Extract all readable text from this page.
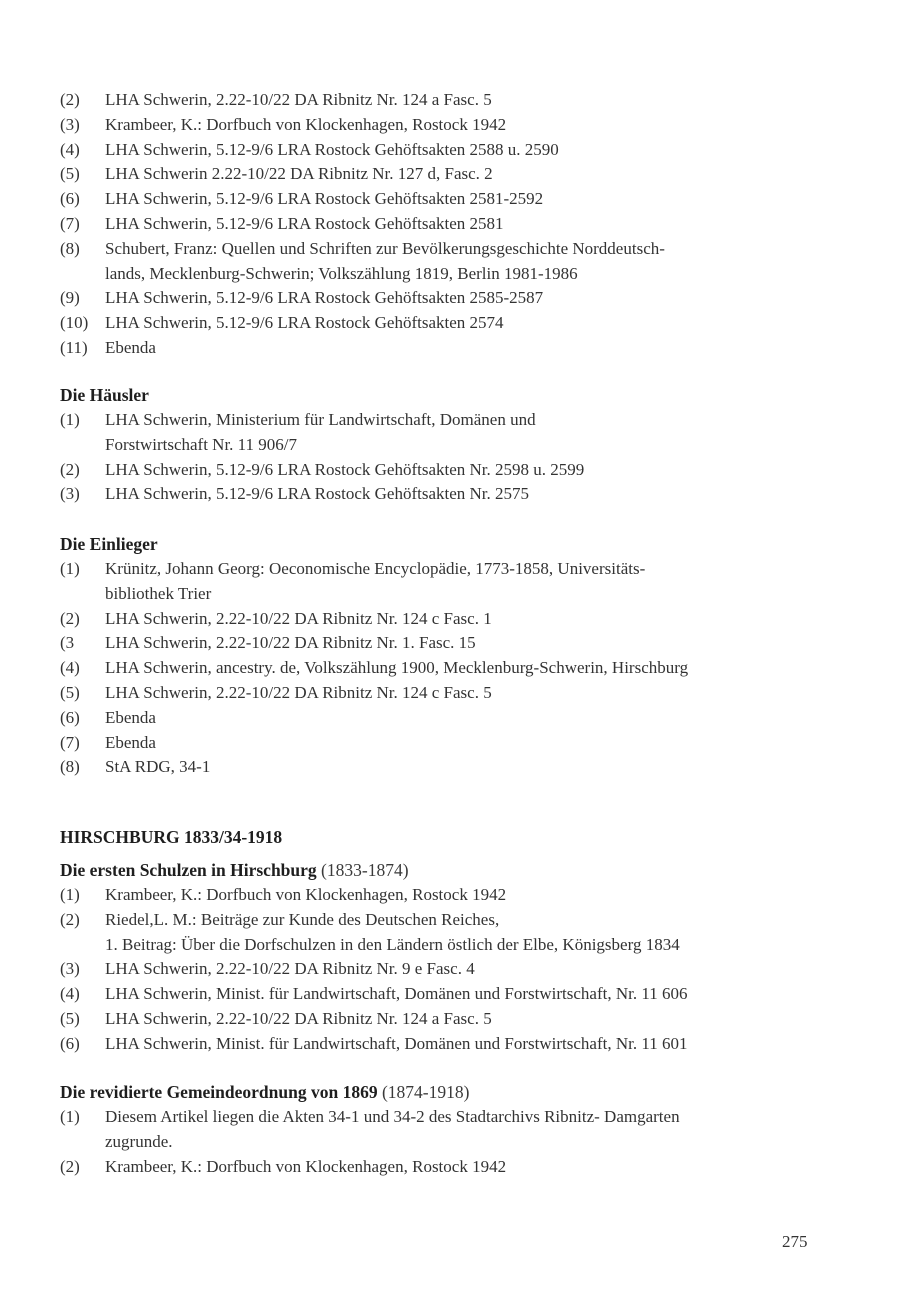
(2)	LHA Schwerin, 2.22-10/22 DA Ribnitz Nr. 124 a Fasc. 5
(3)	Krambeer, K.: Dorfbuch von Klockenhagen, Rostock 1942
(4)	LHA Schwerin, 5.12-9/6 LRA Rostock Gehöftsakten 2588 u. 2590
(5)	LHA Schwerin 2.22-10/22 DA Ribnitz Nr. 127 d, Fasc. 2
(6)	LHA Schwerin, 5.12-9/6 LRA Rostock Gehöftsakten 2581-2592
(7)	LHA Schwerin, 5.12-9/6 LRA Rostock Gehöftsakten 2581
(8)	Schubert, Franz: Quellen und Schriften zur Bevölkerungsgeschichte Norddeutsch-
lands, Mecklenburg-Schwerin; Volkszählung 1819, Berlin 1981-1986
(9)	LHA Schwerin, 5.12-9/6 LRA Rostock Gehöftsakten 2585-2587
(10) LHA Schwerin, 5.12-9/6 LRA Rostock Gehöftsakten 2574
(11)	Ebenda
Die Häusler
(1)	LHA Schwerin, Ministerium für Landwirtschaft, Domänen und
Forstwirtschaft Nr. 11 906/7
(2)	LHA Schwerin, 5.12-9/6 LRA Rostock Gehöftsakten Nr. 2598 u. 2599
(3)	LHA Schwerin, 5.12-9/6 LRA Rostock Gehöftsakten Nr. 2575
Die Einlieger
(1)	Krünitz, Johann Georg: Oeconomische Encyclopädie, 1773-1858, Universitäts-
bibliothek Trier
(2)	LHA Schwerin, 2.22-10/22 DA Ribnitz Nr. 124 c Fasc. 1
(3	LHA Schwerin, 2.22-10/22 DA Ribnitz Nr. 1. Fasc. 15
(4)	LHA Schwerin, ancestry. de, Volkszählung 1900, Mecklenburg-Schwerin, Hirschburg
(5)	LHA Schwerin, 2.22-10/22 DA Ribnitz Nr. 124 c Fasc. 5
(6)	Ebenda
(7)	Ebenda
(8)	StA RDG, 34-1
HIRSCHBURG 1833/34-1918
Die ersten Schulzen in Hirschburg (1833-1874)
(1)	Krambeer, K.: Dorfbuch von Klockenhagen, Rostock 1942
(2)	Riedel,L. M.: Beiträge zur Kunde des Deutschen Reiches,
1. Beitrag: Über die Dorfschulzen in den Ländern östlich der Elbe, Königsberg 1834
(3)	LHA Schwerin, 2.22-10/22 DA Ribnitz Nr. 9 e Fasc. 4
(4)	LHA Schwerin, Minist. für Landwirtschaft, Domänen und Forstwirtschaft, Nr. 11 606
(5)	LHA Schwerin, 2.22-10/22 DA Ribnitz Nr. 124 a Fasc. 5
(6)	LHA Schwerin, Minist. für Landwirtschaft, Domänen und Forstwirtschaft, Nr. 11 601
Die revidierte Gemeindeordnung von 1869 (1874-1918)
(1)	Diesem Artikel liegen die Akten 34-1 und 34-2 des Stadtarchivs Ribnitz- Damgarten
zugrunde.
(2)	Krambeer, K.: Dorfbuch von Klockenhagen, Rostock 1942
275
